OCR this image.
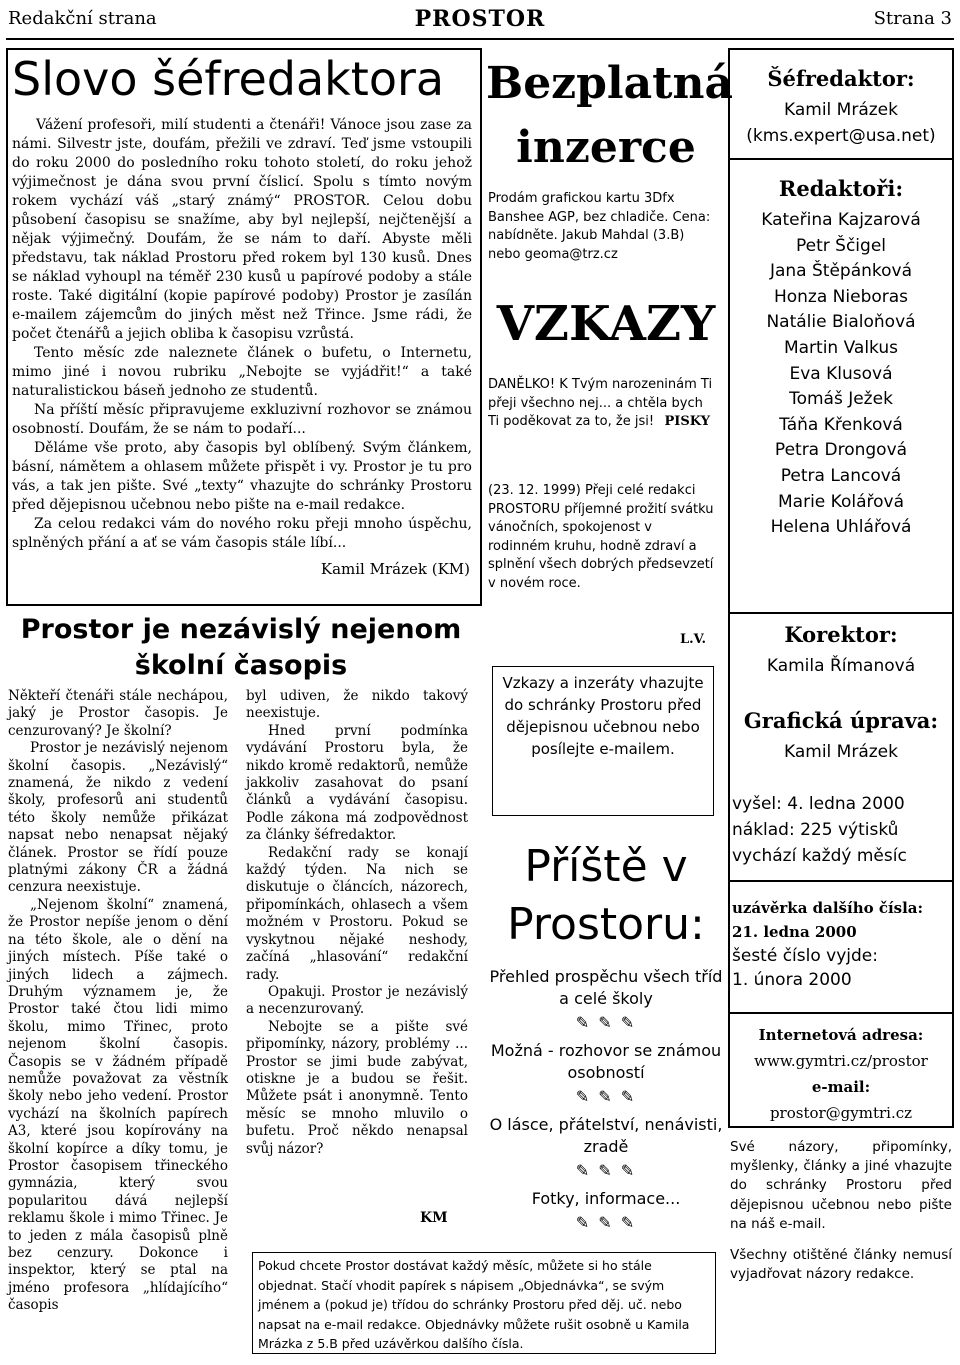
Redakční strana	PROSTOR	Strana 3
Slovo šéfredaktora

Vážení profesoři, milí studenti a čtenáři! Vánoce jsou zase za námi. Silvestr jste, doufám, přežili ve zdraví. Teď jsme vstoupili do roku 2000 do posledního roku tohoto století, do roku jehož výjimečnost je dána svou první číslicí. Spolu s tímto novým rokem vychází váš „starý známý“ PROSTOR. Celou dobu působení časopisu se snažíme, aby byl nejlepší, nejčtenější a nějak výjimečný. Doufám, že se nám to daří. Abyste měli představu, tak náklad Prostoru před rokem byl 130 kusů. Dnes se náklad vyhoupl na téměř 230 kusů u papírové podoby a stále roste. Také digitální (kopie papírové podoby) Prostor je zasílán e-mailem zájemcům do jiných měst než Třince. Jsme rádi, že počet čtenářů a jejich obliba k časopisu vzrůstá.

Tento měsíc zde naleznete článek o bufetu, o Internetu, mimo jiné i novou rubriku „Nebojte se vyjádřit!“ a také naturalistickou báseň jednoho ze studentů.

Na příští měsíc připravujeme exkluzivní rozhovor se známou osobností. Doufám, že se nám to podaří...

Děláme vše proto, aby časopis byl oblíbený. Svým článkem, básní, námětem a ohlasem můžete přispět i vy. Prostor je tu pro vás, a tak jen pište. Své „texty“ vhazujte do schránky Prostoru před dějepisnou učebnou nebo pište na e-mail redakce.

Za celou redakci vám do nového roku přeji mnoho úspěchu, splněných přání a ať se vám časopis stále líbí...

Kamil Mrázek (KM)
Prostor je nezávislý nejenom
školní časopis

Někteří čtenáři stále nechápou, jaký je Prostor časopis. Je cenzurovaný? Je školní?

Prostor je nezávislý nejenom školní časopis. „Nezávislý“ znamená, že nikdo z vedení školy, profesorů ani studentů této školy nemůže přikázat napsat nebo nenapsat nějaký článek. Prostor se řídí pouze platnými zákony ČR a žádná cenzura neexistuje.

„Nejenom školní“ znamená, že Prostor nepíše jenom o dění na této škole, ale o dění na jiných místech. Píše také o jiných lidech a zájmech. Druhým významem je, že Prostor také čtou lidi mimo školu, mimo Třinec, proto nejenom školní časopis. Časopis se v žádném případě nemůže považovat za věstník školy nebo jeho vedení. Prostor vychází na školních papírech A3, které jsou kopírovány na školní kopírce a díky tomu, je Prostor časopisem třineckého gymnázia, který svou popularitou dává nejlepší reklamu škole i mimo Třinec. Je to jeden z mála časopisů plně bez cenzury. Dokonce i inspektor, který se ptal na jméno profesora „hlídajícího“ časopis

byl udiven, že nikdo takový neexistuje.

Hned první podmínka vydávání Prostoru byla, že nikdo kromě redaktorů, nemůže jakkoliv zasahovat do psaní článků a vydávání časopisu. Podle zákona má zodpovědnost za články šéfredaktor.

Redakční rady se konají každý týden. Na nich se diskutuje o článcích, názorech, připomínkách, ohlasech a všem možném v Prostoru. Pokud se vyskytnou nějaké neshody, začíná „hlasování“ redakční rady.

Opakuji. Prostor je nezávislý a necenzurovaný.

Nebojte se a pište své připomínky, názory, problémy ... Prostor se jimi bude zabývat, otiskne je a budou se řešit. Můžete psát i anonymně. Tento měsíc se mnoho mluvilo o bufetu. Proč někdo nenapsal svůj názor?

KM
Bezplatná
inzerce
Prodám grafickou kartu 3Dfx Banshee AGP, bez chladiče. Cena: nabídněte. Jakub Mahdal (3.B) nebo geoma@trz.cz
VZKAZY
DANĚLKO! K Tvým narozeninám Ti přeji všechno nej... a chtěla bych Ti poděkovat za to, že jsi! PISKY
(23. 12. 1999) Přeji celé redakci PROSTORU příjemné prožití svátku vánočních, spokojenost v rodinném kruhu, hodně zdraví a splnění všech dobrých předsevzetí v novém roce.
L.V.
Vzkazy a inzeráty vhazujte do schránky Prostoru před dějepisnou učebnou nebo posílejte e-mailem.
Příště v
Prostoru:

Přehled prospěchu všech tříd a celé školy

✎ ✎ ✎

Možná - rozhovor se známou osobností

✎ ✎ ✎

O lásce, přátelství, nenávisti, zradě

✎ ✎ ✎

Fotky, informace...

✎ ✎ ✎
Pokud chcete Prostor dostávat každý měsíc, můžete si ho stále objednat. Stačí vhodit papírek s nápisem „Objednávka“, se svým jménem a (pokud je) třídou do schránky Prostoru před děj. uč. nebo napsat na e-mail redakce. Objednávky můžete rušit osobně u Kamila Mrázka z 5.B před uzávěrkou dalšího čísla.
Šéfredaktor:
Kamil Mrázek
(kms.expert@usa.net)
Redaktoři:
Kateřina Kajzarová
Petr Ščigel
Jana Štěpánková
Honza Nieboras
Natálie Bialoňová
Martin Valkus
Eva Klusová
Tomáš Ježek
Táňa Křenková
Petra Drongová
Petra Lancová
Marie Kolářová
Helena Uhlářová
Korektor:
Kamila Římanová
Grafická úprava:
Kamil Mrázek
vyšel: 4. ledna 2000
náklad: 225 výtisků
vychází každý měsíc
uzávěrka dalšího čísla:
21. ledna 2000
šesté číslo vyjde:
1. února 2000
Internetová adresa:
www.gymtri.cz/prostor
e-mail:
prostor@gymtri.cz

Své názory, připomínky, myšlenky, články a jiné vhazujte do schránky Prostoru před dějepisnou učebnou nebo pište na náš e-mail.

Všechny otištěné články nemusí vyjadřovat názory redakce.
